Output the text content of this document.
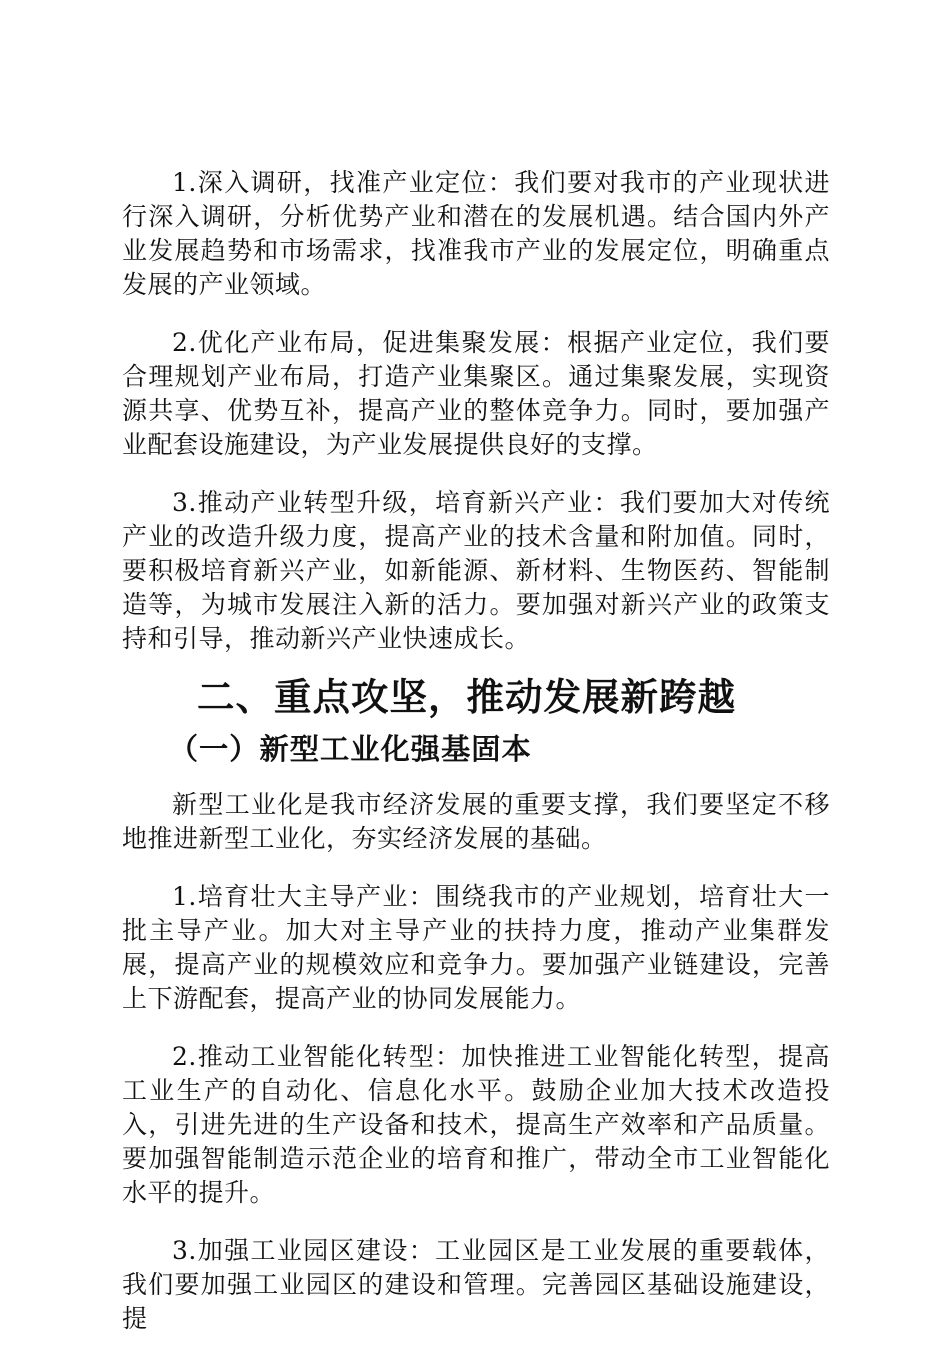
1.深入调研，找准产业定位：我们要对我市的产业现状进行深入调研，分析优势产业和潜在的发展机遇。结合国内外产业发展趋势和市场需求，找准我市产业的发展定位，明确重点发展的产业领域。

2.优化产业布局，促进集聚发展：根据产业定位，我们要合理规划产业布局，打造产业集聚区。通过集聚发展，实现资源共享、优势互补，提高产业的整体竞争力。同时，要加强产业配套设施建设，为产业发展提供良好的支撑。

3.推动产业转型升级，培育新兴产业：我们要加大对传统产业的改造升级力度，提高产业的技术含量和附加值。同时，要积极培育新兴产业，如新能源、新材料、生物医药、智能制造等，为城市发展注入新的活力。要加强对新兴产业的政策支持和引导，推动新兴产业快速成长。

二、重点攻坚，推动发展新跨越
（一）新型工业化强基固本

新型工业化是我市经济发展的重要支撑，我们要坚定不移地推进新型工业化，夯实经济发展的基础。

1.培育壮大主导产业：围绕我市的产业规划，培育壮大一批主导产业。加大对主导产业的扶持力度，推动产业集群发展，提高产业的规模效应和竞争力。要加强产业链建设，完善上下游配套，提高产业的协同发展能力。

2.推动工业智能化转型：加快推进工业智能化转型，提高工业生产的自动化、信息化水平。鼓励企业加大技术改造投入，引进先进的生产设备和技术，提高生产效率和产品质量。要加强智能制造示范企业的培育和推广，带动全市工业智能化水平的提升。

3.加强工业园区建设：工业园区是工业发展的重要载体，我们要加强工业园区的建设和管理。完善园区基础设施建设，提
